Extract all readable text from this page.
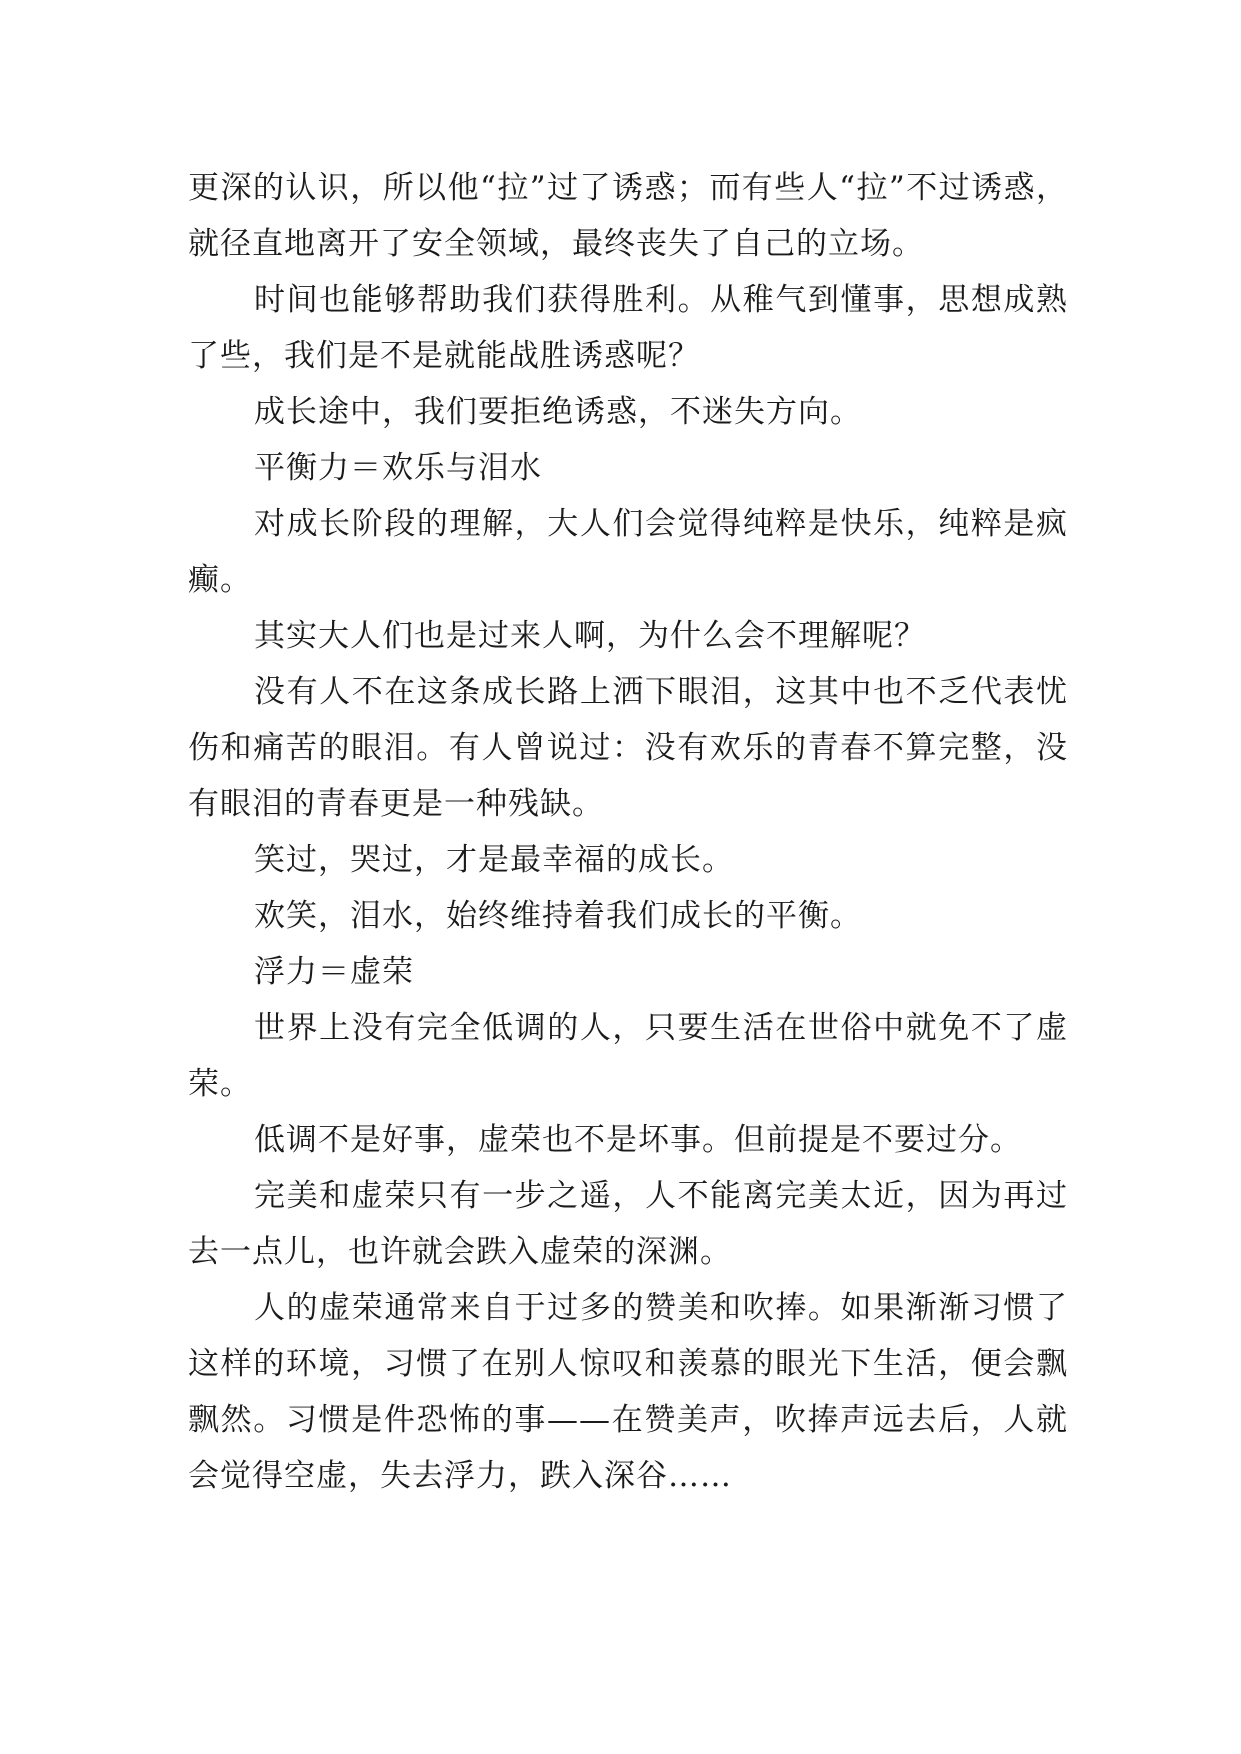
更深的认识，所以他“拉”过了诱惑；而有些人“拉”不过诱惑，就径直地离开了安全领域，最终丧失了自己的立场。

时间也能够帮助我们获得胜利。从稚气到懂事，思想成熟了些，我们是不是就能战胜诱惑呢？

成长途中，我们要拒绝诱惑，不迷失方向。

平衡力＝欢乐与泪水

对成长阶段的理解，大人们会觉得纯粹是快乐，纯粹是疯癫。

其实大人们也是过来人啊，为什么会不理解呢？

没有人不在这条成长路上洒下眼泪，这其中也不乏代表忧伤和痛苦的眼泪。有人曾说过：没有欢乐的青春不算完整，没有眼泪的青春更是一种残缺。

笑过，哭过，才是最幸福的成长。

欢笑，泪水，始终维持着我们成长的平衡。

浮力＝虚荣

世界上没有完全低调的人，只要生活在世俗中就免不了虚荣。

低调不是好事，虚荣也不是坏事。但前提是不要过分。

完美和虚荣只有一步之遥，人不能离完美太近，因为再过去一点儿，也许就会跌入虚荣的深渊。

人的虚荣通常来自于过多的赞美和吹捧。如果渐渐习惯了这样的环境，习惯了在别人惊叹和羡慕的眼光下生活，便会飘飘然。习惯是件恐怖的事——在赞美声，吹捧声远去后，人就会觉得空虚，失去浮力，跌入深谷……
